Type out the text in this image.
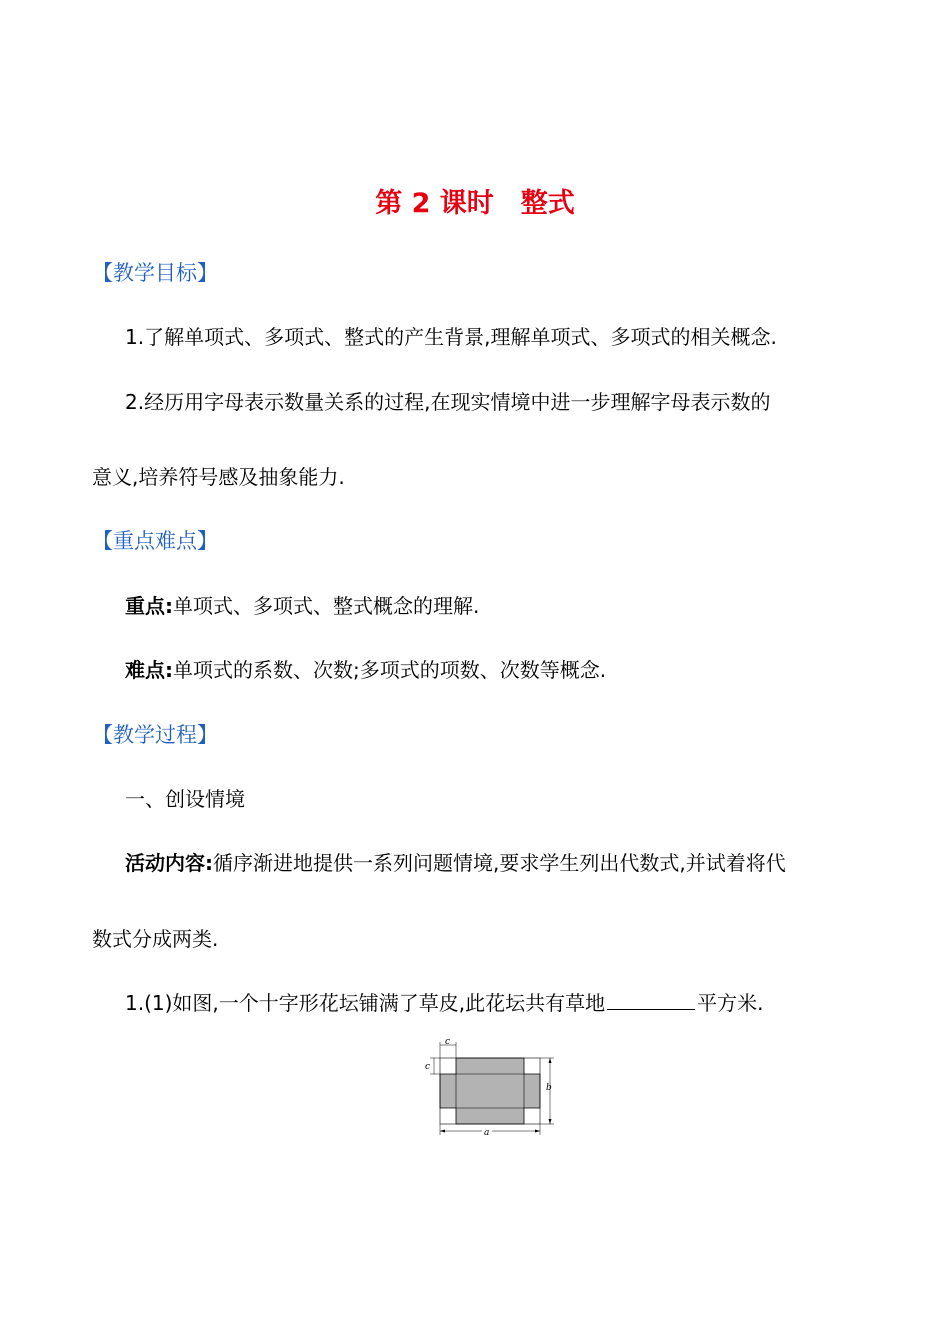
第 2 课时　整式
【教学目标】
1.了解单项式、多项式、整式的产生背景,理解单项式、多项式的相关概念.
2.经历用字母表示数量关系的过程,在现实情境中进一步理解字母表示数的
意义,培养符号感及抽象能力.
【重点难点】
重点:单项式、多项式、整式概念的理解.
难点:单项式的系数、次数;多项式的项数、次数等概念.
【教学过程】
一、创设情境
活动内容:循序渐进地提供一系列问题情境,要求学生列出代数式,并试着将代
数式分成两类.
1.(1)如图,一个十字形花坛铺满了草皮,此花坛共有草地	平方米.
c
c
b
a
